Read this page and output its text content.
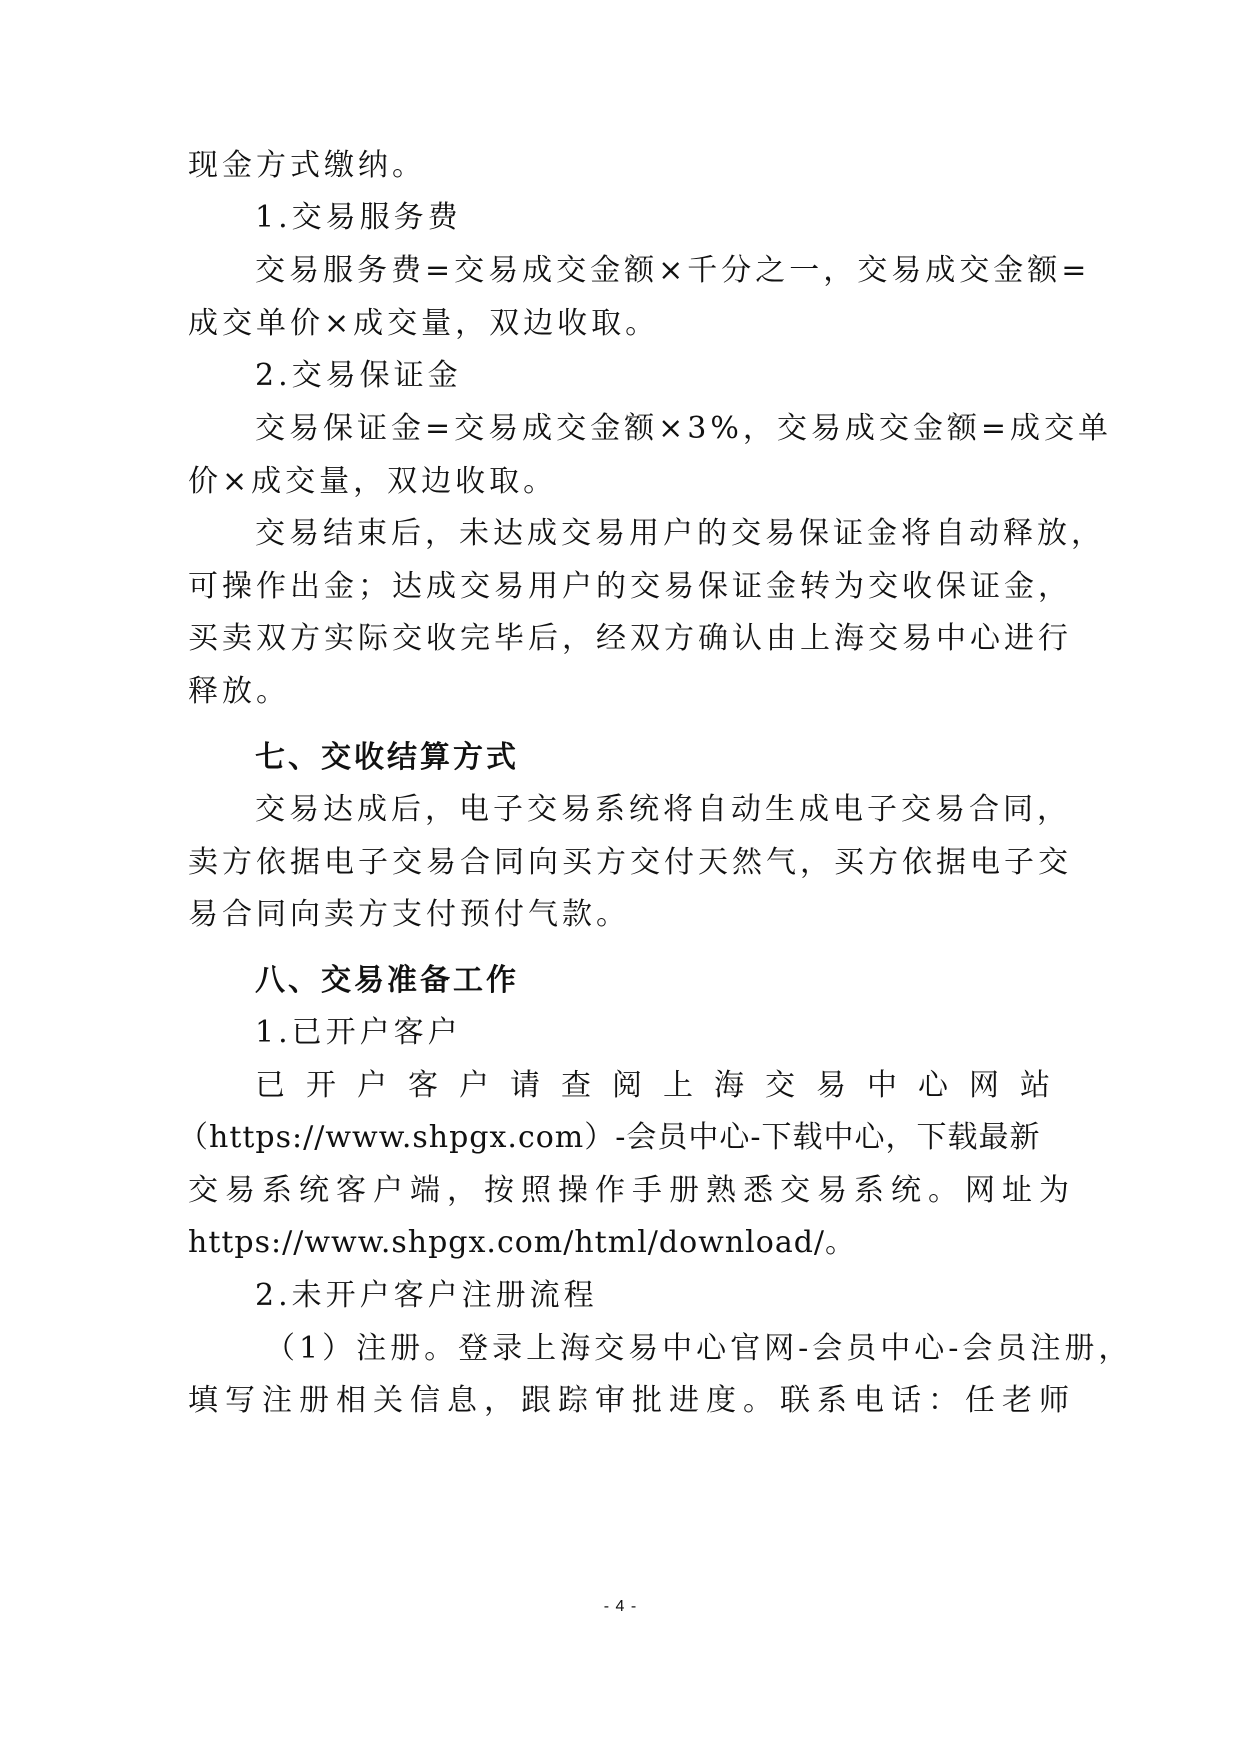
现金方式缴纳。
1.交易服务费
交易服务费=交易成交金额×千分之一，交易成交金额=
成交单价×成交量，双边收取。
2.交易保证金
交易保证金=交易成交金额×3%，交易成交金额=成交单
价×成交量，双边收取。
交易结束后，未达成交易用户的交易保证金将自动释放，
可操作出金；达成交易用户的交易保证金转为交收保证金，
买卖双方实际交收完毕后，经双方确认由上海交易中心进行
释放。
七、交收结算方式
交易达成后，电子交易系统将自动生成电子交易合同，
卖方依据电子交易合同向买方交付天然气，买方依据电子交
易合同向卖方支付预付气款。
八、交易准备工作
1.已开户客户
已开户客户请查阅上海交易中心网站
（https://www.shpgx.com）-会员中心-下载中心，下载最新
交易系统客户端，按照操作手册熟悉交易系统。网址为
https://www.shpgx.com/html/download/。
2.未开户客户注册流程
（1）注册。登录上海交易中心官网-会员中心-会员注册，
填写注册相关信息，跟踪审批进度。联系电话：任老师
- 4 -
